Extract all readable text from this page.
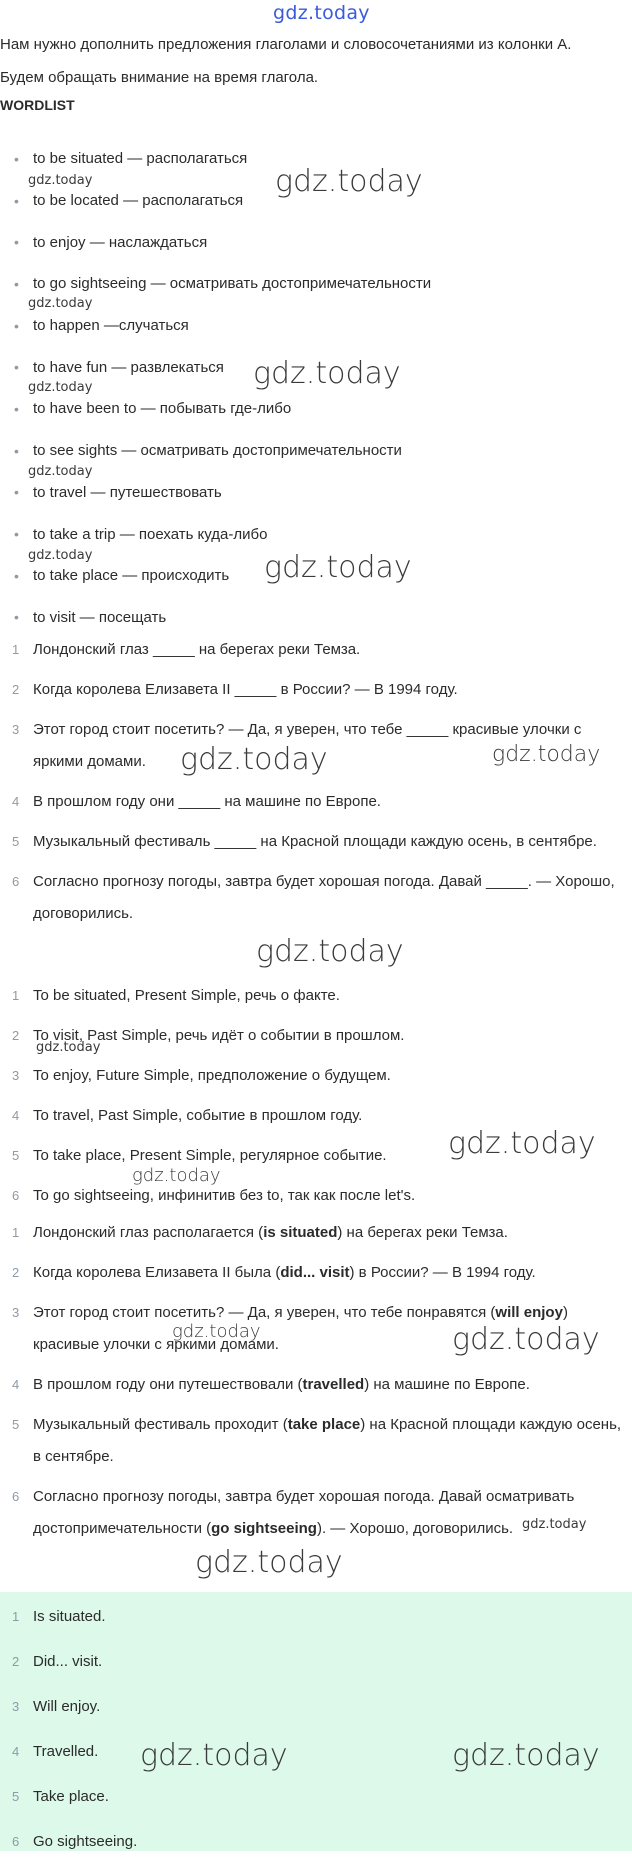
gdz.today
Нам нужно дополнить предложения глаголами и словосочетаниями из колонки А. Будем обращать внимание на время глагола.
WORDLIST
• to be situated — располагаться
• to be located — располагаться
• to enjoy — наслаждаться
• to go sightseeing — осматривать достопримечательности
• to happen —случаться
• to have fun — развлекаться
• to have been to — побывать где-либо
• to see sights — осматривать достопримечательности
• to travel — путешествовать
• to take a trip — поехать куда-либо
• to take place — происходить
• to visit — посещать
1 Лондонский глаз _____ на берегах реки Темза.
2 Когда королева Елизавета II _____ в России? — В 1994 году.
3 Этот город стоит посетить? — Да, я уверен, что тебе _____ красивые улочки с яркими домами.
4 В прошлом году они _____ на машине по Европе.
5 Музыкальный фестиваль _____ на Красной площади каждую осень, в сентябре.
6 Согласно прогнозу погоды, завтра будет хорошая погода. Давай _____. — Хорошо, договорились.
1 To be situated, Present Simple, речь о факте.
2 To visit, Past Simple, речь идёт о событии в прошлом.
3 To enjoy, Future Simple, предположение о будущем.
4 To travel, Past Simple, событие в прошлом году.
5 To take place, Present Simple, регулярное событие.
6 To go sightseeing, инфинитив без to, так как после let's.
1 Лондонский глаз располагается (is situated) на берегах реки Темза.
2 Когда королева Елизавета II была (did... visit) в России? — В 1994 году.
3 Этот город стоит посетить? — Да, я уверен, что тебе понравятся (will enjoy) красивые улочки с яркими домами.
4 В прошлом году они путешествовали (travelled) на машине по Европе.
5 Музыкальный фестиваль проходит (take place) на Красной площади каждую осень, в сентябре.
6 Согласно прогнозу погоды, завтра будет хорошая погода. Давай осматривать достопримечательности (go sightseeing). — Хорошо, договорились.
1 Is situated.
2 Did... visit.
3 Will enjoy.
4 Travelled.
5 Take place.
6 Go sightseeing.
gdz.today	gdz.today
gdz.today
gdz.today
gdz.today
gdz.today
gdz.today	gdz.today
gdz.today	gdz.today
gdz.today
gdz.today
gdz.today
gdz.today
gdz.today	gdz.today
gdz.today
gdz.today
gdz.today	gdz.today
